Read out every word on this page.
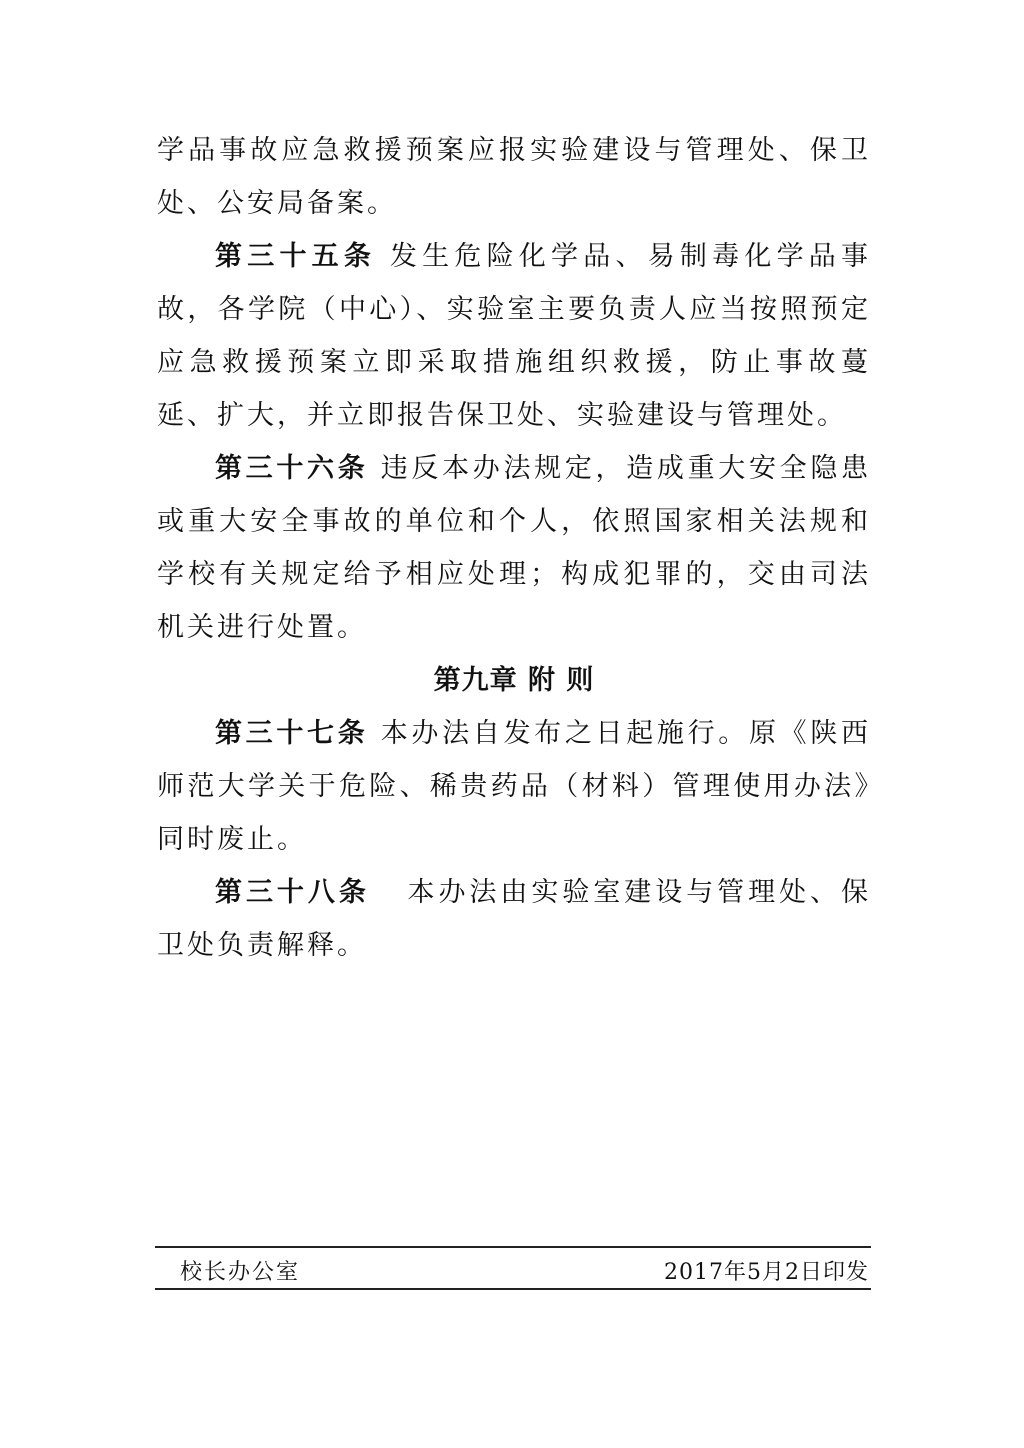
学品事故应急救援预案应报实验建设与管理处、保卫处、公安局备案。

第三十五条 发生危险化学品、易制毒化学品事故，各学院（中心）、实验室主要负责人应当按照预定应急救援预案立即采取措施组织救援，防止事故蔓延、扩大，并立即报告保卫处、实验建设与管理处。

第三十六条 违反本办法规定，造成重大安全隐患或重大安全事故的单位和个人，依照国家相关法规和学校有关规定给予相应处理；构成犯罪的，交由司法机关进行处置。

第九章 附 则

第三十七条 本办法自发布之日起施行。原《陕西师范大学关于危险、稀贵药品（材料）管理使用办法》同时废止。

第三十八条 本办法由实验室建设与管理处、保卫处负责解释。

校长办公室	2017年5月2日印发
